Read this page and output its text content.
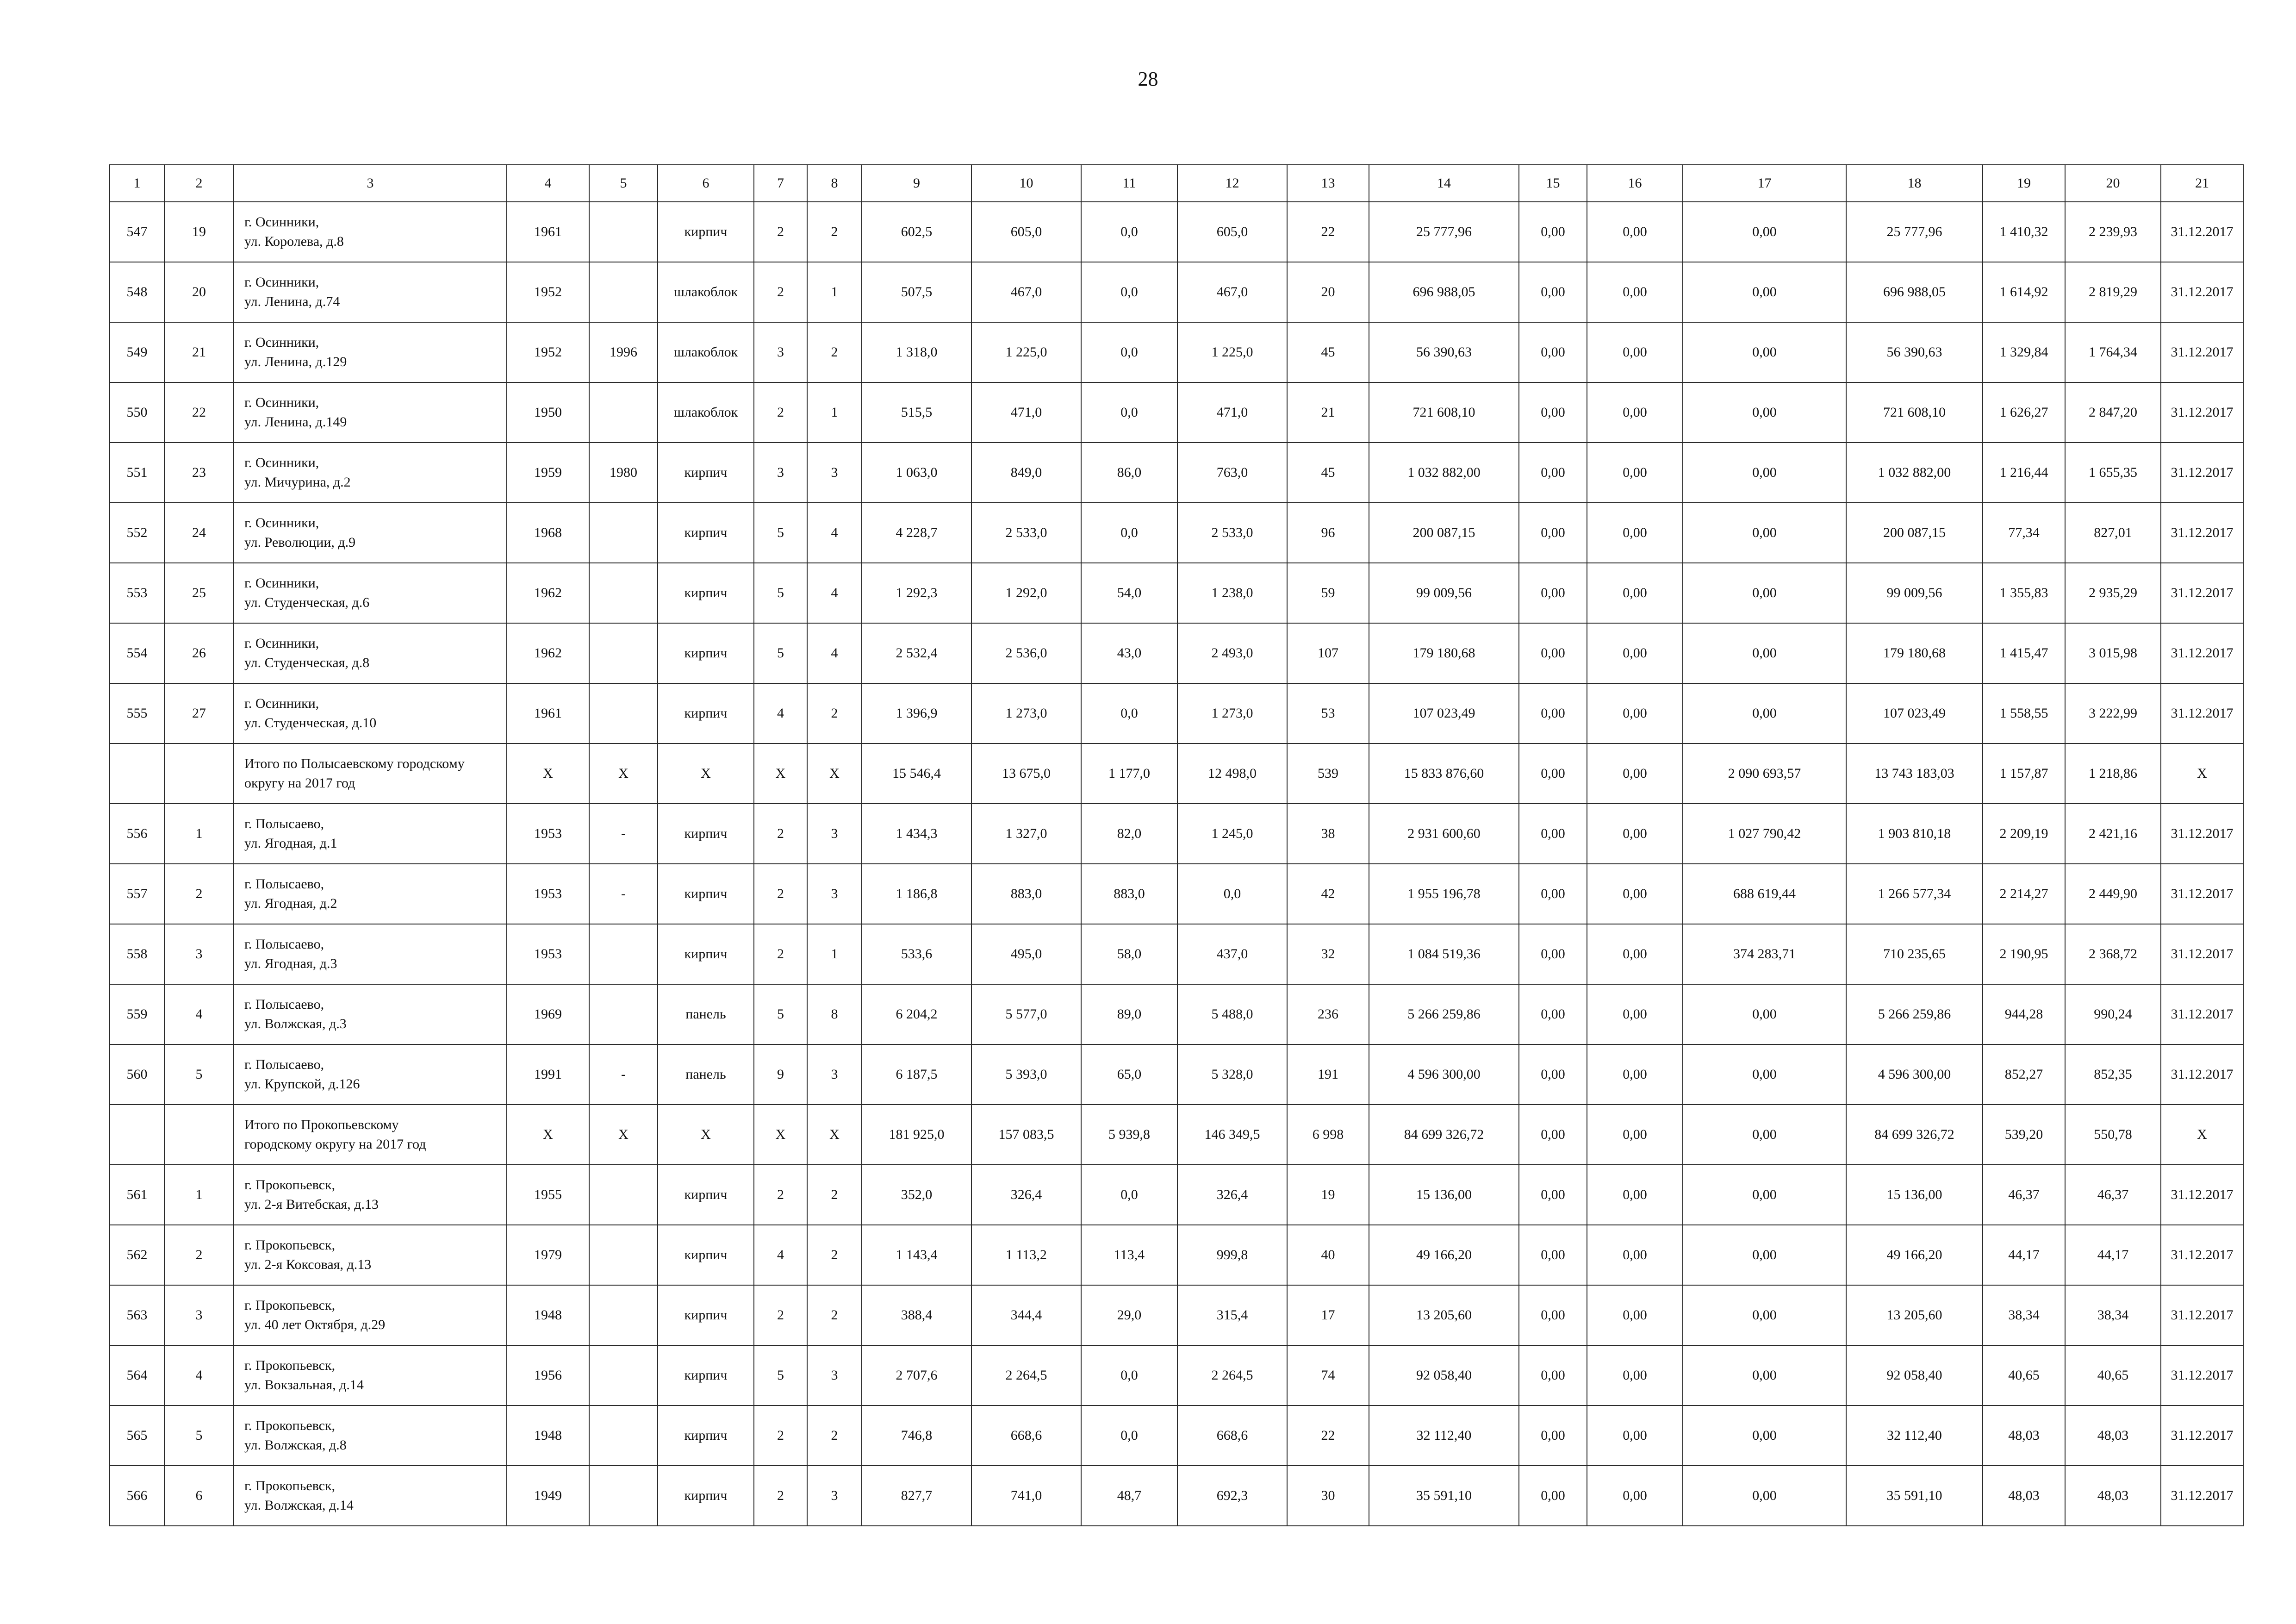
28
1	2	3	4	5	6	7	8	9	10	11	12	13	14	15	16	17	18	19	20	21
547	19	г. Осинники,
ул. Королева, д.8	1961		кирпич	2	2	602,5	605,0	0,0	605,0	22	25 777,96	0,00	0,00	0,00	25 777,96	1 410,32	2 239,93	31.12.2017
548	20	г. Осинники,
ул. Ленина, д.74	1952		шлакоблок	2	1	507,5	467,0	0,0	467,0	20	696 988,05	0,00	0,00	0,00	696 988,05	1 614,92	2 819,29	31.12.2017
549	21	г. Осинники,
ул. Ленина, д.129	1952	1996	шлакоблок	3	2	1 318,0	1 225,0	0,0	1 225,0	45	56 390,63	0,00	0,00	0,00	56 390,63	1 329,84	1 764,34	31.12.2017
550	22	г. Осинники,
ул. Ленина, д.149	1950		шлакоблок	2	1	515,5	471,0	0,0	471,0	21	721 608,10	0,00	0,00	0,00	721 608,10	1 626,27	2 847,20	31.12.2017
551	23	г. Осинники,
ул. Мичурина, д.2	1959	1980	кирпич	3	3	1 063,0	849,0	86,0	763,0	45	1 032 882,00	0,00	0,00	0,00	1 032 882,00	1 216,44	1 655,35	31.12.2017
552	24	г. Осинники,
ул. Революции, д.9	1968		кирпич	5	4	4 228,7	2 533,0	0,0	2 533,0	96	200 087,15	0,00	0,00	0,00	200 087,15	77,34	827,01	31.12.2017
553	25	г. Осинники,
ул. Студенческая, д.6	1962		кирпич	5	4	1 292,3	1 292,0	54,0	1 238,0	59	99 009,56	0,00	0,00	0,00	99 009,56	1 355,83	2 935,29	31.12.2017
554	26	г. Осинники,
ул. Студенческая, д.8	1962		кирпич	5	4	2 532,4	2 536,0	43,0	2 493,0	107	179 180,68	0,00	0,00	0,00	179 180,68	1 415,47	3 015,98	31.12.2017
555	27	г. Осинники,
ул. Студенческая, д.10	1961		кирпич	4	2	1 396,9	1 273,0	0,0	1 273,0	53	107 023,49	0,00	0,00	0,00	107 023,49	1 558,55	3 222,99	31.12.2017

		Итого по Полысаевскому городскому
округу на 2017 год	Х	Х	Х	Х	Х	15 546,4	13 675,0	1 177,0	12 498,0	539	15 833 876,60	0,00	0,00	2 090 693,57	13 743 183,03	1 157,87	1 218,86	Х
556	1	г. Полысаево,
ул. Ягодная, д.1	1953	-	кирпич	2	3	1 434,3	1 327,0	82,0	1 245,0	38	2 931 600,60	0,00	0,00	1 027 790,42	1 903 810,18	2 209,19	2 421,16	31.12.2017
557	2	г. Полысаево,
ул. Ягодная, д.2	1953	-	кирпич	2	3	1 186,8	883,0	883,0	0,0	42	1 955 196,78	0,00	0,00	688 619,44	1 266 577,34	2 214,27	2 449,90	31.12.2017
558	3	г. Полысаево,
ул. Ягодная, д.3	1953		кирпич	2	1	533,6	495,0	58,0	437,0	32	1 084 519,36	0,00	0,00	374 283,71	710 235,65	2 190,95	2 368,72	31.12.2017
559	4	г. Полысаево,
ул. Волжская, д.3	1969		панель	5	8	6 204,2	5 577,0	89,0	5 488,0	236	5 266 259,86	0,00	0,00	0,00	5 266 259,86	944,28	990,24	31.12.2017
560	5	г. Полысаево,
ул. Крупской, д.126	1991	-	панель	9	3	6 187,5	5 393,0	65,0	5 328,0	191	4 596 300,00	0,00	0,00	0,00	4 596 300,00	852,27	852,35	31.12.2017

		Итого по Прокопьевскому
городскому округу на 2017 год	Х	Х	Х	Х	Х	181 925,0	157 083,5	5 939,8	146 349,5	6 998	84 699 326,72	0,00	0,00	0,00	84 699 326,72	539,20	550,78	Х
561	1	г. Прокопьевск,
ул. 2-я Витебская, д.13	1955		кирпич	2	2	352,0	326,4	0,0	326,4	19	15 136,00	0,00	0,00	0,00	15 136,00	46,37	46,37	31.12.2017
562	2	г. Прокопьевск,
ул. 2-я Коксовая, д.13	1979		кирпич	4	2	1 143,4	1 113,2	113,4	999,8	40	49 166,20	0,00	0,00	0,00	49 166,20	44,17	44,17	31.12.2017
563	3	г. Прокопьевск,
ул. 40 лет Октября, д.29	1948		кирпич	2	2	388,4	344,4	29,0	315,4	17	13 205,60	0,00	0,00	0,00	13 205,60	38,34	38,34	31.12.2017
564	4	г. Прокопьевск,
ул. Вокзальная, д.14	1956		кирпич	5	3	2 707,6	2 264,5	0,0	2 264,5	74	92 058,40	0,00	0,00	0,00	92 058,40	40,65	40,65	31.12.2017
565	5	г. Прокопьевск,
ул. Волжская, д.8	1948		кирпич	2	2	746,8	668,6	0,0	668,6	22	32 112,40	0,00	0,00	0,00	32 112,40	48,03	48,03	31.12.2017
566	6	г. Прокопьевск,
ул. Волжская, д.14	1949		кирпич	2	3	827,7	741,0	48,7	692,3	30	35 591,10	0,00	0,00	0,00	35 591,10	48,03	48,03	31.12.2017
